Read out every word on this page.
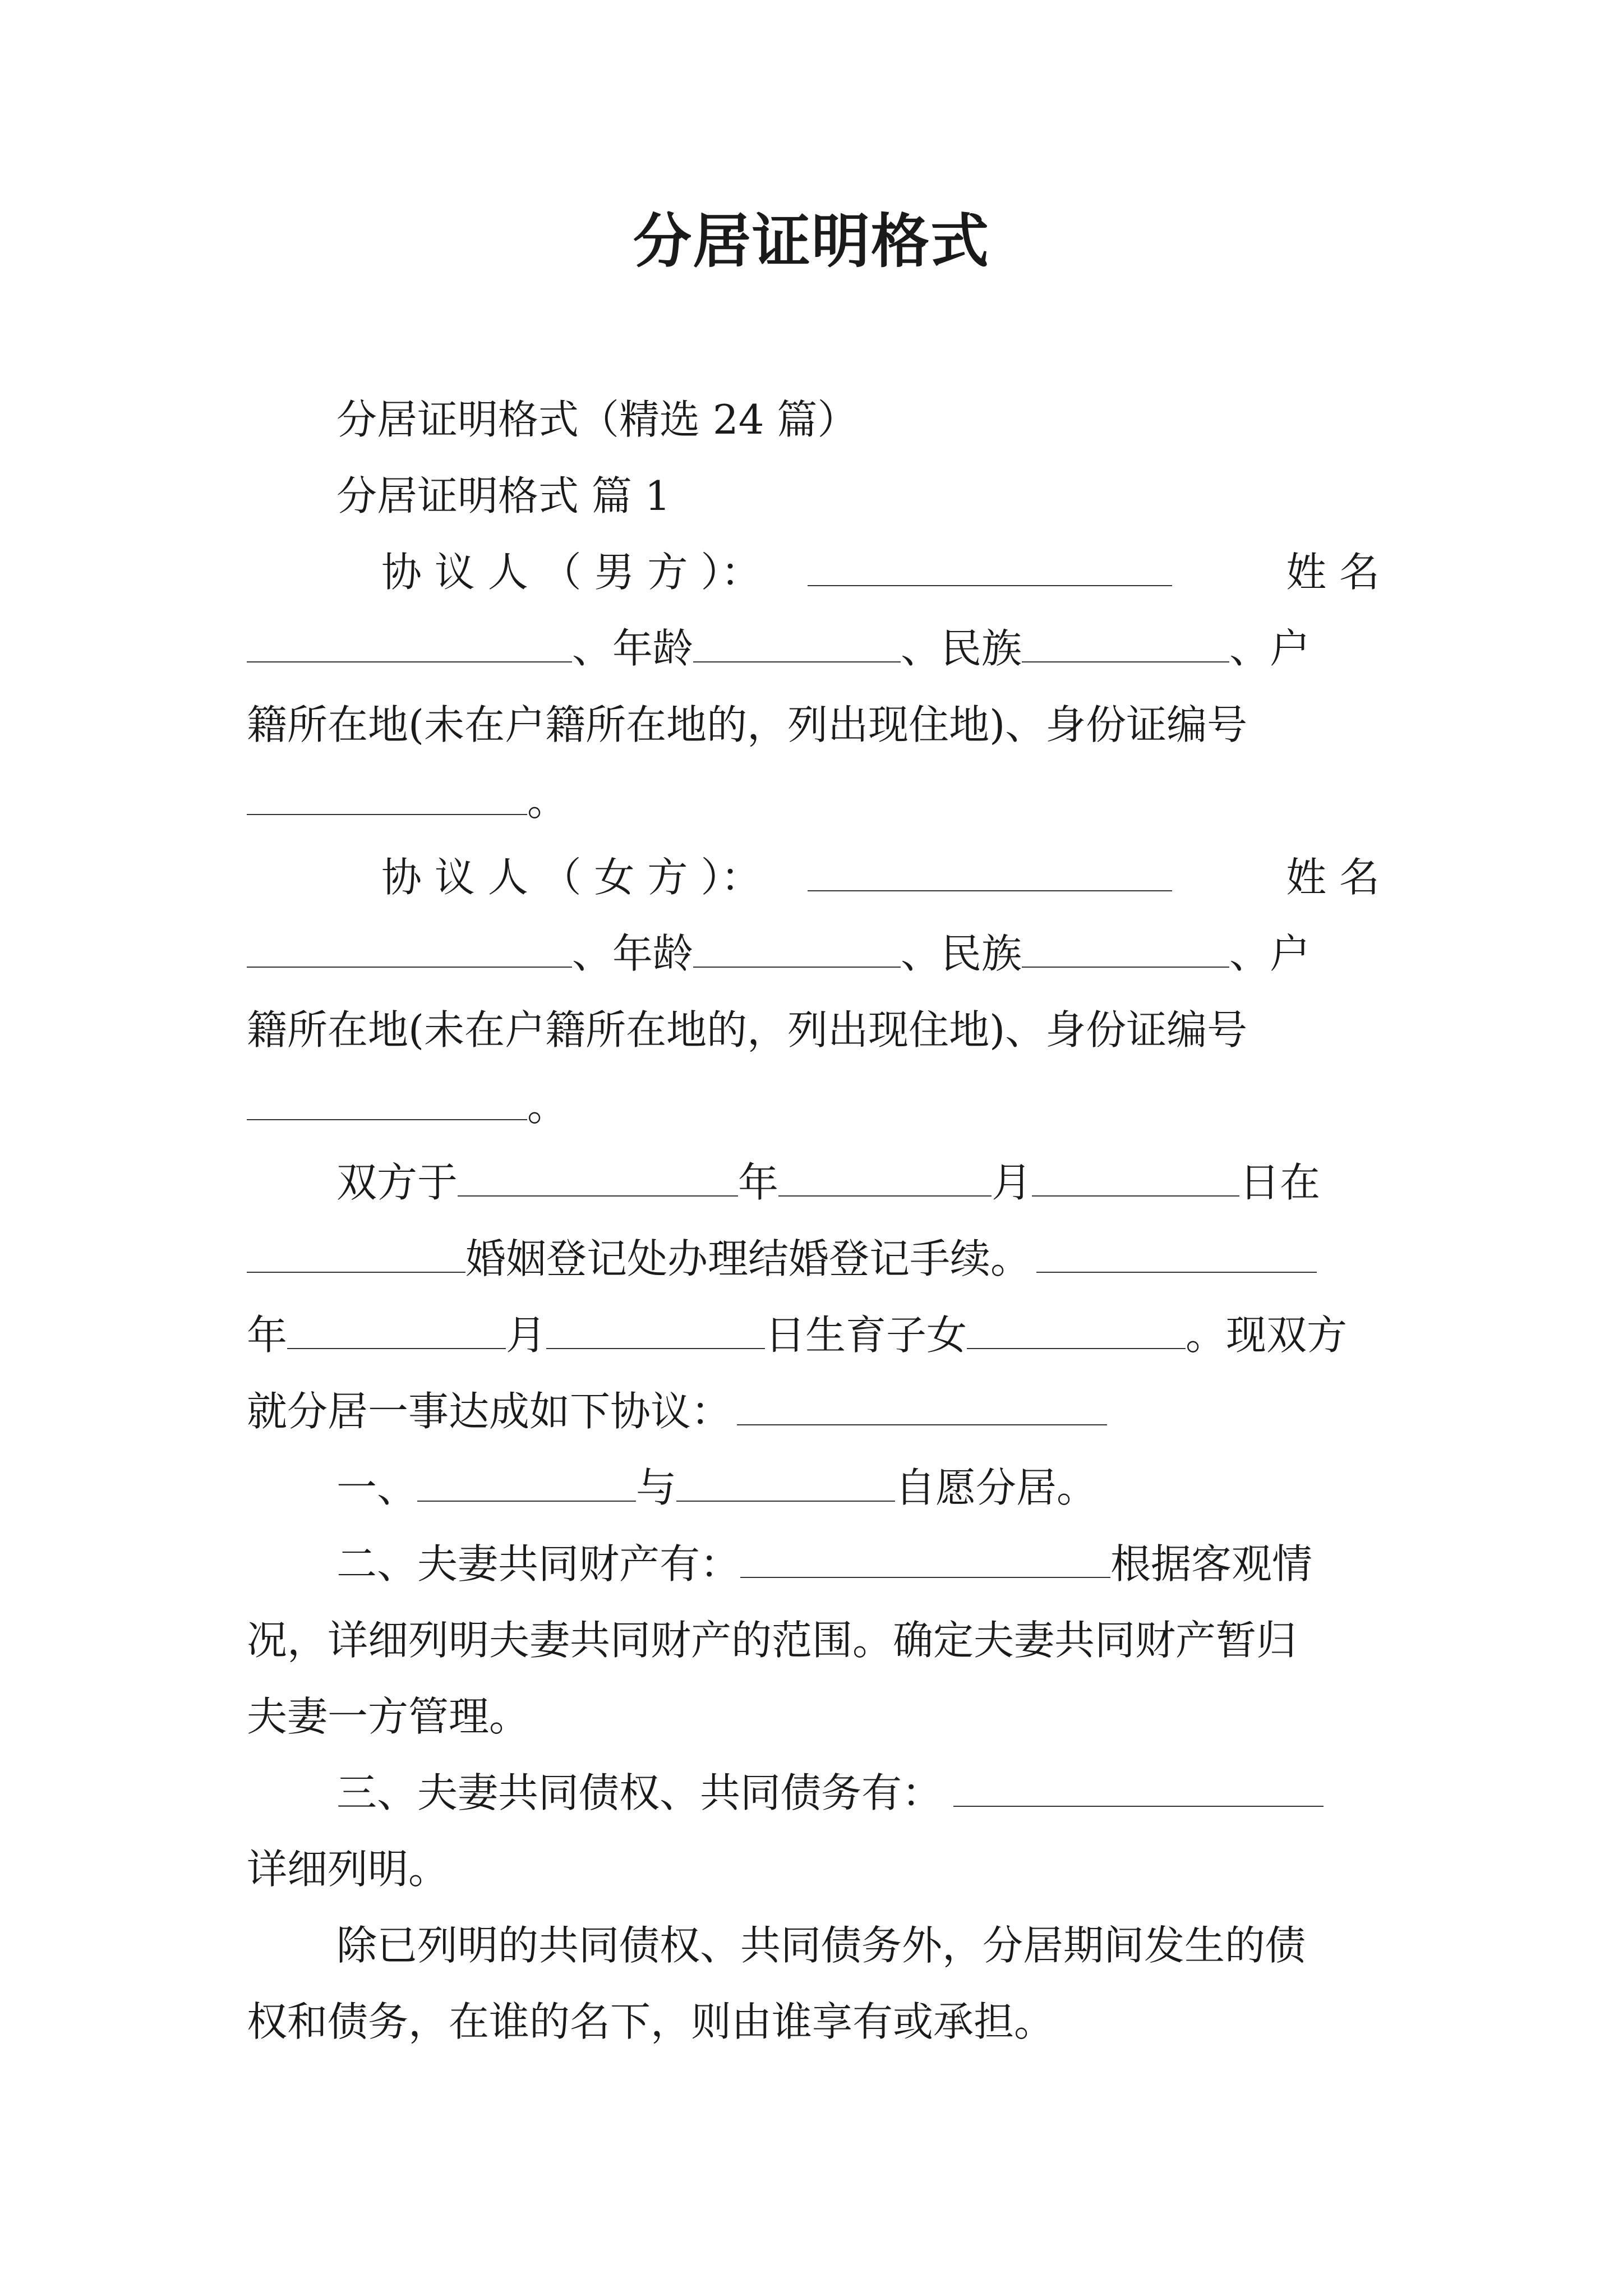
分居证明格式
分居证明格式（精选 24 篇）
分居证明格式 篇 1
协 议 人 （ 男 方 ）：	姓 名
、年龄	、民族	、户
籍所在地(未在户籍所在地的，列出现住地)、身份证编号
。
协 议 人 （ 女 方 ）：	姓 名
、年龄	、民族	、户
籍所在地(未在户籍所在地的，列出现住地)、身份证编号
。
双方于	年	月	日在
婚姻登记处办理结婚登记手续。
年	月	日生育子女	。现双方
就分居一事达成如下协议：
一、	与	自愿分居。
二、夫妻共同财产有：	根据客观情
况，详细列明夫妻共同财产的范围。确定夫妻共同财产暂归
夫妻一方管理。
三、夫妻共同债权、共同债务有：
详细列明。
除已列明的共同债权、共同债务外，分居期间发生的债
权和债务，在谁的名下，则由谁享有或承担。
